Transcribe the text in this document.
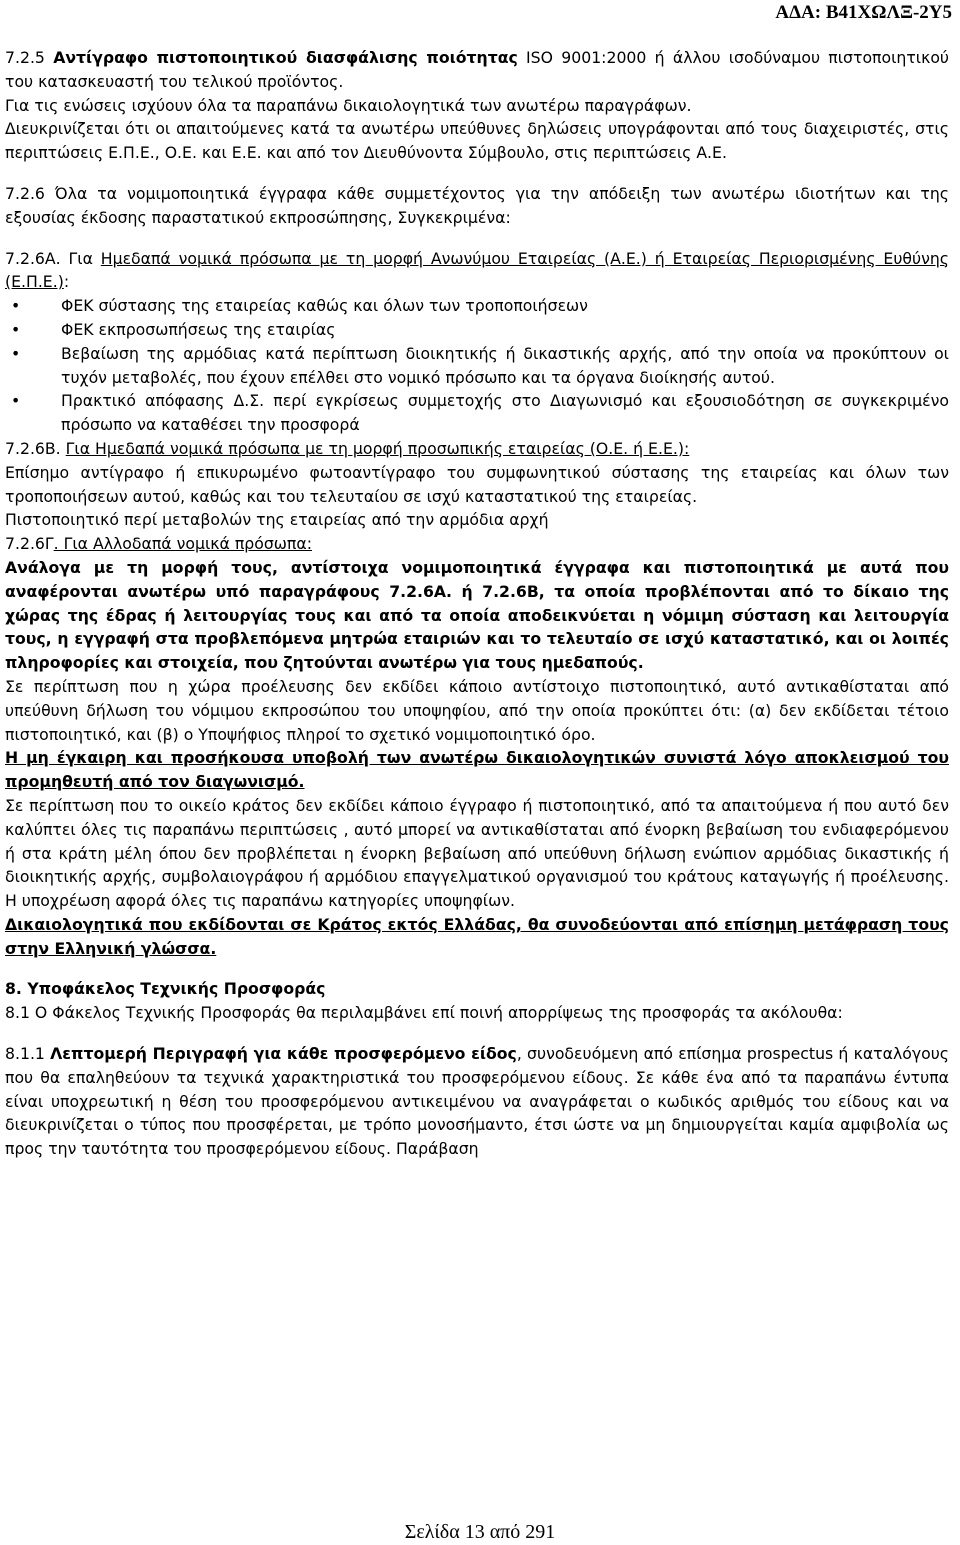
ΑΔΑ: Β41ΧΩΛΞ-2Υ5

7.2.5 Αντίγραφο πιστοποιητικού διασφάλισης ποιότητας ISO 9001:2000 ή άλλου ισοδύναμου πιστοποιητικού του κατασκευαστή του τελικού προϊόντος.

Για τις ενώσεις ισχύουν όλα τα παραπάνω δικαιολογητικά των ανωτέρω παραγράφων.

Διευκρινίζεται ότι οι απαιτούμενες κατά τα ανωτέρω υπεύθυνες δηλώσεις υπογράφονται από τους διαχειριστές, στις περιπτώσεις Ε.Π.Ε., Ο.Ε. και Ε.Ε. και από τον Διευθύνοντα Σύμβουλο, στις περιπτώσεις Α.Ε.

7.2.6 Όλα τα νομιμοποιητικά έγγραφα κάθε συμμετέχοντος για την απόδειξη των ανωτέρω ιδιοτήτων και της εξουσίας έκδοσης παραστατικού εκπροσώπησης, Συγκεκριμένα:

7.2.6Α. Για Ημεδαπά νομικά πρόσωπα με τη μορφή Ανωνύμου Εταιρείας (Α.Ε.) ή Εταιρείας Περιορισμένης Ευθύνης (Ε.Π.Ε.):

• ΦΕΚ σύστασης της εταιρείας καθώς και όλων των τροποποιήσεων
• ΦΕΚ εκπροσωπήσεως της εταιρίας
• Βεβαίωση της αρμόδιας κατά περίπτωση διοικητικής ή δικαστικής αρχής, από την οποία να προκύπτουν οι τυχόν μεταβολές, που έχουν επέλθει στο νομικό πρόσωπο και τα όργανα διοίκησής αυτού.
• Πρακτικό απόφασης Δ.Σ. περί εγκρίσεως συμμετοχής στο Διαγωνισμό και εξουσιοδότηση σε συγκεκριμένο πρόσωπο να καταθέσει την προσφορά

7.2.6Β. Για Ημεδαπά νομικά πρόσωπα με τη μορφή προσωπικής εταιρείας (Ο.Ε. ή Ε.Ε.):

Επίσημο αντίγραφο ή επικυρωμένο φωτοαντίγραφο του συμφωνητικού σύστασης της εταιρείας και όλων των τροποποιήσεων αυτού, καθώς και του τελευταίου σε ισχύ καταστατικού της εταιρείας.

Πιστοποιητικό περί μεταβολών της εταιρείας από την αρμόδια αρχή

7.2.6Γ. Για Αλλοδαπά νομικά πρόσωπα:

Ανάλογα με τη μορφή τους, αντίστοιχα νομιμοποιητικά έγγραφα και πιστοποιητικά με αυτά που αναφέρονται ανωτέρω υπό παραγράφους 7.2.6Α. ή 7.2.6Β, τα οποία προβλέπονται από το δίκαιο της χώρας της έδρας ή λειτουργίας τους και από τα οποία αποδεικνύεται η νόμιμη σύσταση και λειτουργία τους, η εγγραφή στα προβλεπόμενα μητρώα εταιριών και το τελευταίο σε ισχύ καταστατικό, και οι λοιπές πληροφορίες και στοιχεία, που ζητούνται ανωτέρω για τους ημεδαπούς.

Σε περίπτωση που η χώρα προέλευσης δεν εκδίδει κάποιο αντίστοιχο πιστοποιητικό, αυτό αντικαθίσταται από υπεύθυνη δήλωση του νόμιμου εκπροσώπου του υποψηφίου, από την οποία προκύπτει ότι: (α) δεν εκδίδεται τέτοιο πιστοποιητικό, και (β) ο Υποψήφιος πληροί το σχετικό νομιμοποιητικό όρο.

Η μη έγκαιρη και προσήκουσα υποβολή των ανωτέρω δικαιολογητικών συνιστά λόγο αποκλεισμού του προμηθευτή από τον διαγωνισμό.

Σε περίπτωση που το οικείο κράτος δεν εκδίδει κάποιο έγγραφο ή πιστοποιητικό, από τα απαιτούμενα ή που αυτό δεν καλύπτει όλες τις παραπάνω περιπτώσεις , αυτό μπορεί να αντικαθίσταται από ένορκη βεβαίωση του ενδιαφερόμενου ή στα κράτη μέλη όπου δεν προβλέπεται η ένορκη βεβαίωση από υπεύθυνη δήλωση ενώπιον αρμόδιας δικαστικής ή διοικητικής αρχής, συμβολαιογράφου ή αρμόδιου επαγγελματικού οργανισμού του κράτους καταγωγής ή προέλευσης. Η υποχρέωση αφορά όλες τις παραπάνω κατηγορίες υποψηφίων.

Δικαιολογητικά που εκδίδονται σε Κράτος εκτός Ελλάδας, θα συνοδεύονται από επίσημη μετάφραση τους στην Ελληνική γλώσσα.

8. Υποφάκελος Τεχνικής Προσφοράς

8.1 Ο Φάκελος Τεχνικής Προσφοράς θα περιλαμβάνει επί ποινή απορρίψεως της προσφοράς τα ακόλουθα:

8.1.1 Λεπτομερή Περιγραφή για κάθε προσφερόμενο είδος, συνοδευόμενη από επίσημα prospectus ή καταλόγους που θα επαληθεύουν τα τεχνικά χαρακτηριστικά του προσφερόμενου είδους. Σε κάθε ένα από τα παραπάνω έντυπα είναι υποχρεωτική η θέση του προσφερόμενου αντικειμένου να αναγράφεται ο κωδικός αριθμός του είδους και να διευκρινίζεται ο τύπος που προσφέρεται, με τρόπο μονοσήμαντο, έτσι ώστε να μη δημιουργείται καμία αμφιβολία ως προς την ταυτότητα του προσφερόμενου είδους. Παράβαση

Σελίδα 13 από 291
